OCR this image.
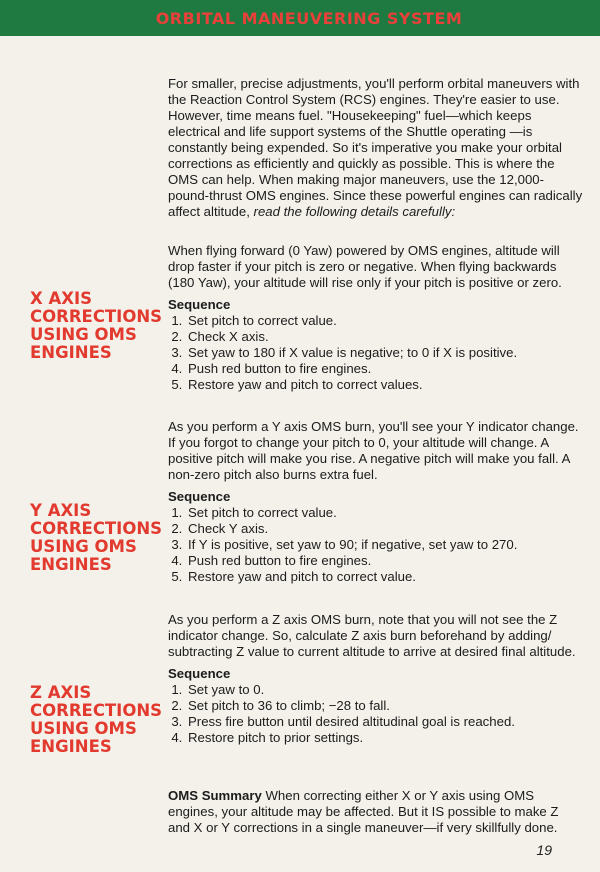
ORBITAL MANEUVERING SYSTEM

For smaller, precise adjustments, you'll perform orbital maneuvers with the Reaction Control System (RCS) engines. They're easier to use. However, time means fuel. "Housekeeping" fuel—which keeps electrical and life support systems of the Shuttle operating —is constantly being expended. So it's imperative you make your orbital corrections as efficiently and quickly as possible. This is where the OMS can help. When making major maneuvers, use the 12,000-pound-thrust OMS engines. Since these powerful engines can radically affect altitude, read the following details carefully:

X AXIS
CORRECTIONS
USING OMS
ENGINES

When flying forward (0 Yaw) powered by OMS engines, altitude will drop faster if your pitch is zero or negative. When flying backwards (180 Yaw), your altitude will rise only if your pitch is positive or zero.

Sequence
1. Set pitch to correct value.
2. Check X axis.
3. Set yaw to 180 if X value is negative; to 0 if X is positive.
4. Push red button to fire engines.
5. Restore yaw and pitch to correct values.
Y AXIS
CORRECTIONS
USING OMS
ENGINES

As you perform a Y axis OMS burn, you'll see your Y indicator change. If you forgot to change your pitch to 0, your altitude will change. A positive pitch will make you rise. A negative pitch will make you fall. A non-zero pitch also burns extra fuel.

Sequence
1. Set pitch to correct value.
2. Check Y axis.
3. If Y is positive, set yaw to 90; if negative, set yaw to 270.
4. Push red button to fire engines.
5. Restore yaw and pitch to correct value.
Z AXIS
CORRECTIONS
USING OMS
ENGINES

As you perform a Z axis OMS burn, note that you will not see the Z indicator change. So, calculate Z axis burn beforehand by adding/ subtracting Z value to current altitude to arrive at desired final altitude.

Sequence
1. Set yaw to 0.
2. Set pitch to 36 to climb; −28 to fall.
3. Press fire button until desired altitudinal goal is reached.
4. Restore pitch to prior settings.

OMS Summary When correcting either X or Y axis using OMS engines, your altitude may be affected. But it IS possible to make Z and X or Y corrections in a single maneuver—if very skillfully done.

19
